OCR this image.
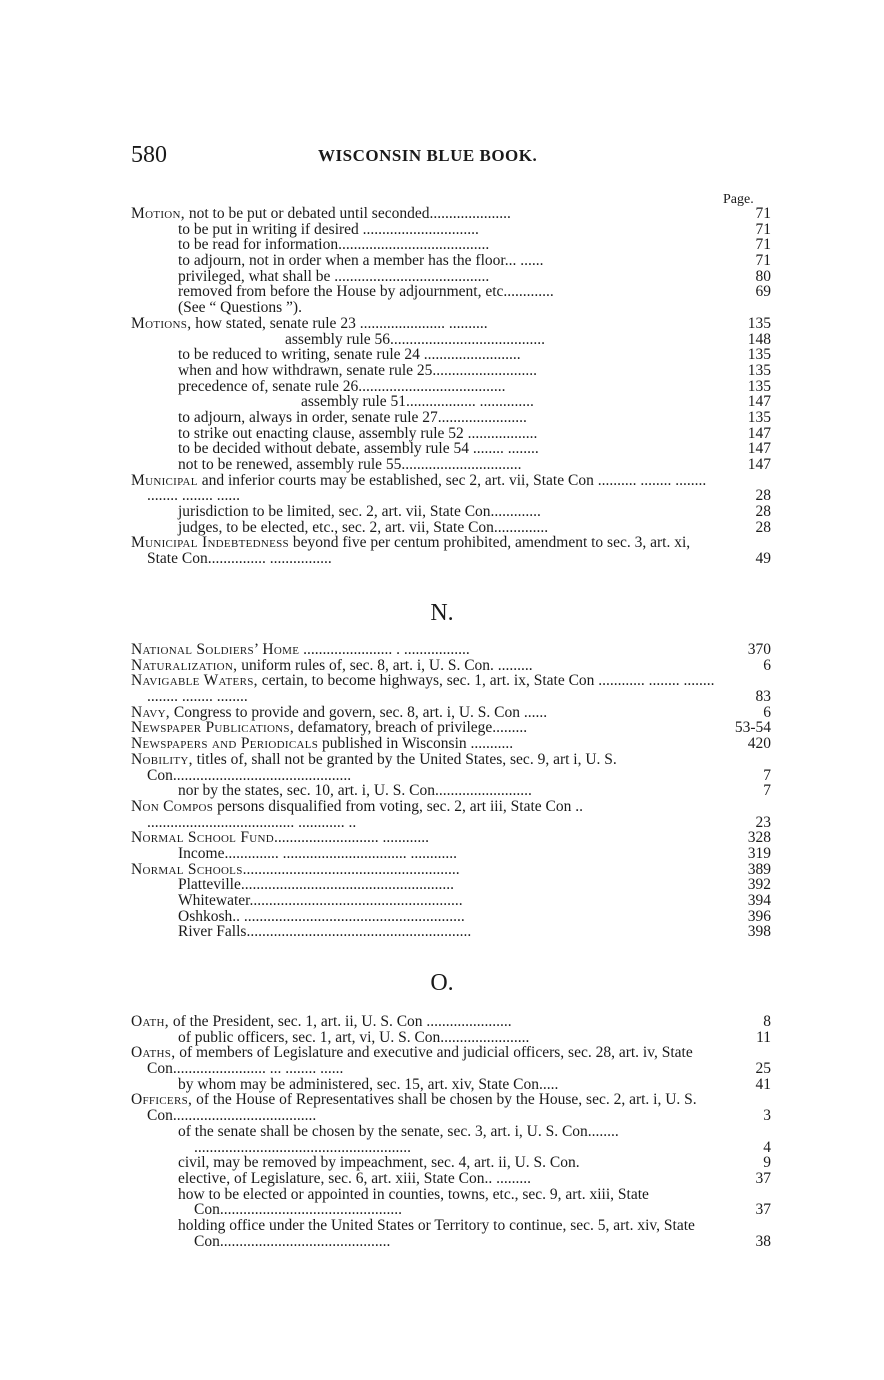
580	WISCONSIN BLUE BOOK.
Page.
Motion, not to be put or debated until seconded.....................	71
to be put in writing if desired ..............................	71
to be read for information.......................................	71
to adjourn, not in order when a member has the floor... ......	71
privileged, what shall be ........................................	80
removed from before the House by adjournment, etc.............	69
(See “ Questions ”).
Motions, how stated, senate rule 23 ...................... ..........	135
assembly rule 56........................................	148
to be reduced to writing, senate rule 24 .........................	135
when and how withdrawn, senate rule 25...........................	135
precedence of, senate rule 26......................................	135
assembly rule 51.................. ..............	147
to adjourn, always in order, senate rule 27.......................	135
to strike out enacting clause, assembly rule 52 ..................	147
to be decided without debate, assembly rule 54 ........ ........	147
not to be renewed, assembly rule 55...............................	147
Municipal and inferior courts may be established, sec 2, art. vii, State Con .......... ........ ........ ........ ........ ......	28
jurisdiction to be limited, sec. 2, art. vii, State Con.............	28
judges, to be elected, etc., sec. 2, art. vii, State Con..............	28
Municipal Indebtedness beyond five per centum prohibited, amendment to sec. 3, art. xi, State Con............... ................	49
N.
National Soldiers’ Home ....................... . .................	370
Naturalization, uniform rules of, sec. 8, art. i, U. S. Con. .........	6
Navigable Waters, certain, to become highways, sec. 1, art. ix, State Con ............ ........ ........ ........ ........ ........	83
Navy, Congress to provide and govern, sec. 8, art. i, U. S. Con ......	6
Newspaper Publications, defamatory, breach of privilege.........	53-54
Newspapers and Periodicals published in Wisconsin ...........	420
Nobility, titles of, shall not be granted by the United States, sec. 9, art i, U. S. Con..............................................	7
nor by the states, sec. 10, art. i, U. S. Con.........................	7
Non Compos persons disqualified from voting, sec. 2, art iii, State Con .. ...................................... ............ ..	23
Normal School Fund........................... ............	328
Income.............. ................................ ............	319
Normal Schools........................................................	389
Platteville.......................................................	392
Whitewater.......................................................	394
Oshkosh.. .........................................................	396
River Falls..........................................................	398
O.
Oath, of the President, sec. 1, art. ii, U. S. Con ......................	8
of public officers, sec. 1, art, vi, U. S. Con.......................	11
Oaths, of members of Legislature and executive and judicial officers, sec. 28, art. iv, State Con........................ ... ........ ......	25
by whom may be administered, sec. 15, art. xiv, State Con.....	41
Officers, of the House of Representatives shall be chosen by the House, sec. 2, art. i, U. S. Con.....................................	3
of the senate shall be chosen by the senate, sec. 3, art. i, U. S. Con........ ........................................................	4
civil, may be removed by impeachment, sec. 4, art. ii, U. S. Con.	9
elective, of Legislature, sec. 6, art. xiii, State Con.. .........	37
how to be elected or appointed in counties, towns, etc., sec. 9, art. xiii, State Con...............................................	37
holding office under the United States or Territory to continue, sec. 5, art. xiv, State Con............................................	38
